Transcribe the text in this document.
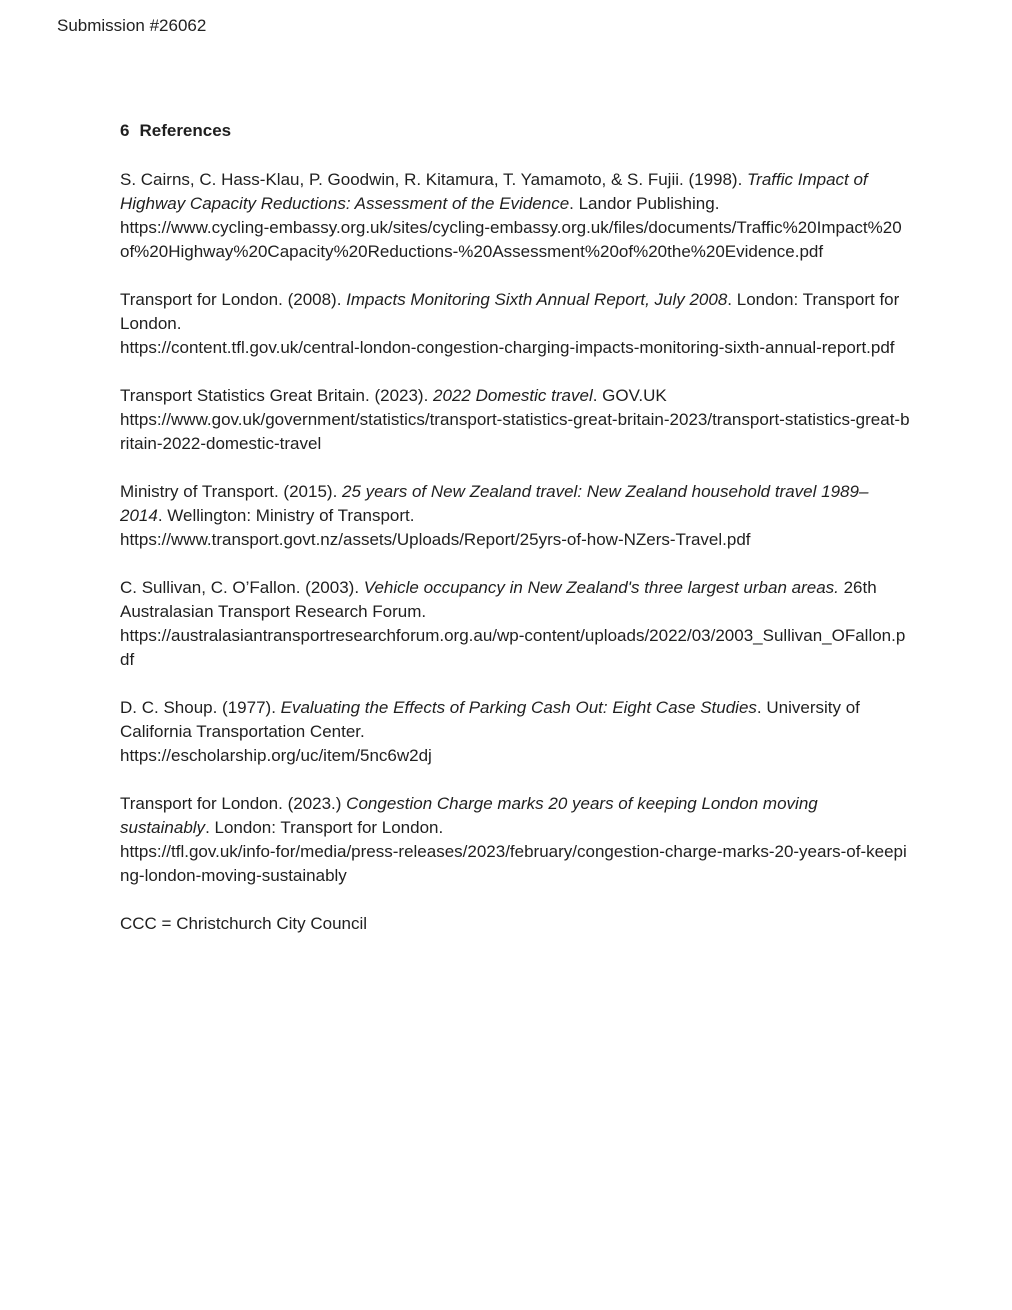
Submission #26062
6 References
S. Cairns, C. Hass-Klau, P. Goodwin, R. Kitamura, T. Yamamoto, & S. Fujii. (1998). Traffic Impact of Highway Capacity Reductions: Assessment of the Evidence. Landor Publishing.
https://www.cycling-embassy.org.uk/sites/cycling-embassy.org.uk/files/documents/Traffic%20Impact%20of%20Highway%20Capacity%20Reductions-%20Assessment%20of%20the%20Evidence.pdf
Transport for London. (2008). Impacts Monitoring Sixth Annual Report, July 2008. London: Transport for London.
https://content.tfl.gov.uk/central-london-congestion-charging-impacts-monitoring-sixth-annual-report.pdf
Transport Statistics Great Britain. (2023). 2022 Domestic travel. GOV.UK
https://www.gov.uk/government/statistics/transport-statistics-great-britain-2023/transport-statistics-great-britain-2022-domestic-travel
Ministry of Transport. (2015). 25 years of New Zealand travel: New Zealand household travel 1989–2014. Wellington: Ministry of Transport.
https://www.transport.govt.nz/assets/Uploads/Report/25yrs-of-how-NZers-Travel.pdf
C. Sullivan, C. O’Fallon. (2003). Vehicle occupancy in New Zealand's three largest urban areas. 26th Australasian Transport Research Forum.
https://australasiantransportresearchforum.org.au/wp-content/uploads/2022/03/2003_Sullivan_OFallon.pdf
D. C. Shoup. (1977). Evaluating the Effects of Parking Cash Out: Eight Case Studies. University of California Transportation Center.
https://escholarship.org/uc/item/5nc6w2dj
Transport for London. (2023.) Congestion Charge marks 20 years of keeping London moving sustainably. London: Transport for London.
https://tfl.gov.uk/info-for/media/press-releases/2023/february/congestion-charge-marks-20-years-of-keeping-london-moving-sustainably

CCC = Christchurch City Council
